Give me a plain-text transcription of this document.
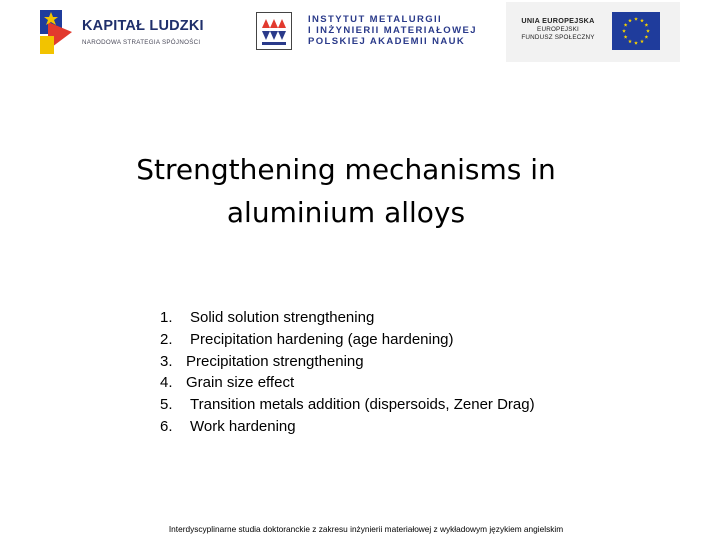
KAPITAŁ LUDZKI
NARODOWA STRATEGIA SPÓJNOŚCI
INSTYTUT METALURGII
I INŻYNIERII MATERIAŁOWEJ
POLSKIEJ AKADEMII NAUK
UNIA EUROPEJSKA
EUROPEJSKI
FUNDUSZ SPOŁECZNY
Strengthening mechanisms in
aluminium alloys
1.	Solid solution strengthening
2.	Precipitation hardening (age hardening)
3. Precipitation strengthening
4. Grain size effect
5.	Transition metals addition (dispersoids, Zener Drag)
6.	Work hardening
Interdyscyplinarne studia doktoranckie z zakresu inżynierii materiałowej z wykładowym językiem angielskim
